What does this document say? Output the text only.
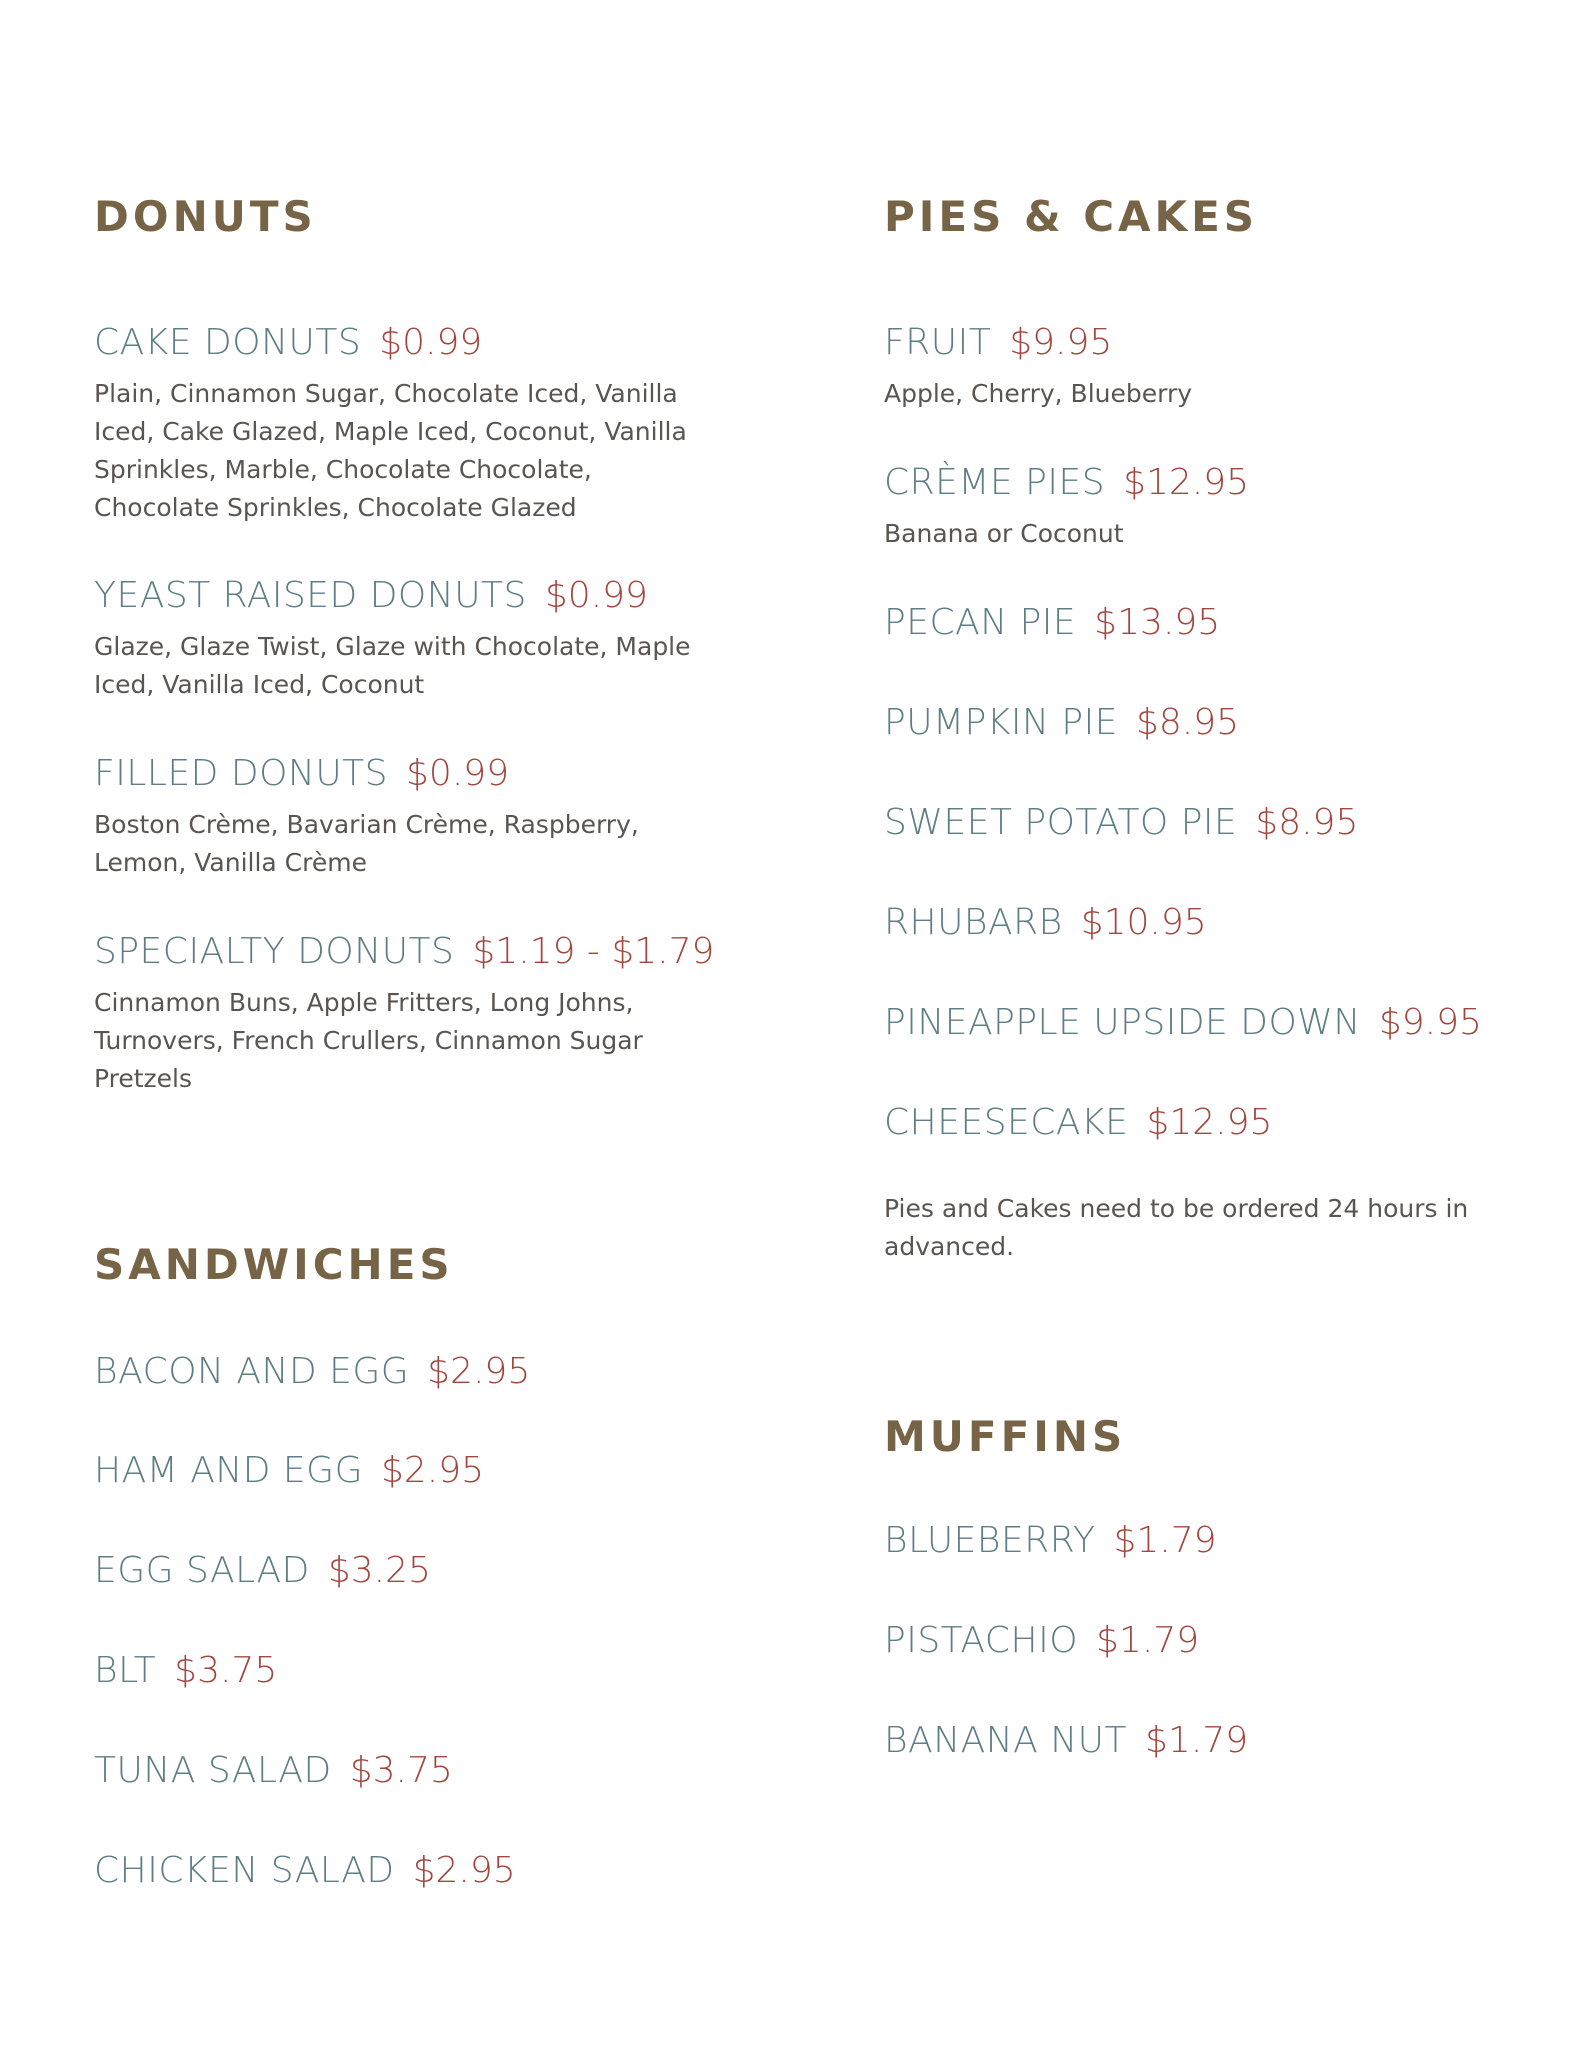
DONUTS
CAKE DONUTS $0.99
Plain, Cinnamon Sugar, Chocolate Iced, Vanilla Iced, Cake Glazed, Maple Iced, Coconut, Vanilla Sprinkles, Marble, Chocolate Chocolate, Chocolate Sprinkles, Chocolate Glazed
YEAST RAISED DONUTS $0.99
Glaze, Glaze Twist, Glaze with Chocolate, Maple Iced, Vanilla Iced, Coconut
FILLED DONUTS $0.99
Boston Crème, Bavarian Crème, Raspberry, Lemon, Vanilla Crème
SPECIALTY DONUTS $1.19 - $1.79
Cinnamon Buns, Apple Fritters, Long Johns, Turnovers, French Crullers, Cinnamon Sugar Pretzels
SANDWICHES
BACON AND EGG $2.95
HAM AND EGG $2.95
EGG SALAD $3.25
BLT $3.75
TUNA SALAD $3.75
CHICKEN SALAD $2.95
PIES & CAKES
FRUIT $9.95
Apple, Cherry, Blueberry
CRÈME PIES $12.95
Banana or Coconut
PECAN PIE $13.95
PUMPKIN PIE $8.95
SWEET POTATO PIE $8.95
RHUBARB $10.95
PINEAPPLE UPSIDE DOWN $9.95
CHEESECAKE $12.95
Pies and Cakes need to be ordered 24 hours in advanced.
MUFFINS
BLUEBERRY $1.79
PISTACHIO $1.79
BANANA NUT $1.79
